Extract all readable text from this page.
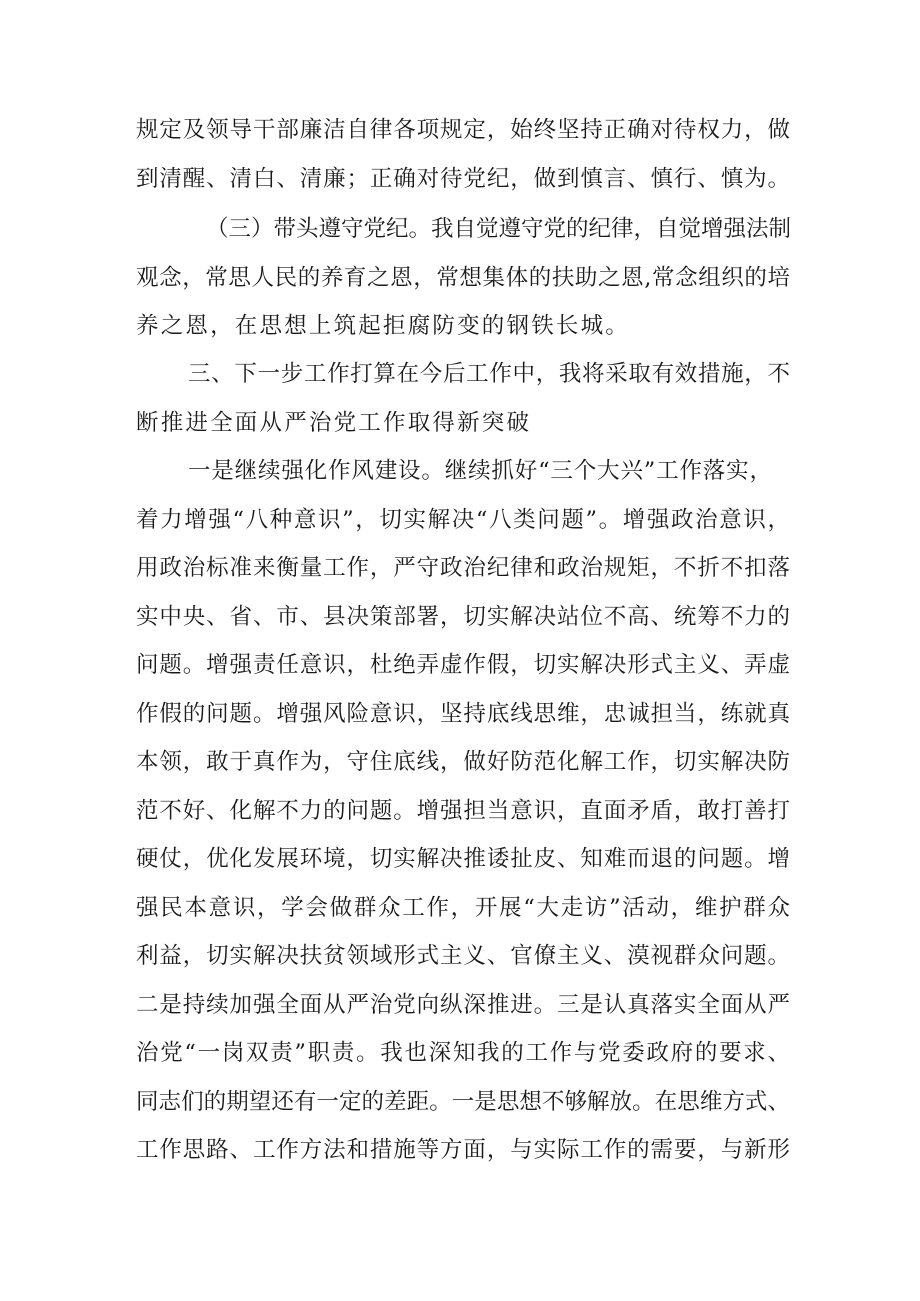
规定及领导干部廉洁自律各项规定，始终坚持正确对待权力，做
到清醒、清白、清廉；正确对待党纪，做到慎言、慎行、慎为。
（三）带头遵守党纪。我自觉遵守党的纪律，自觉增强法制
观念，常思人民的养育之恩，常想集体的扶助之恩,常念组织的培
养之恩，在思想上筑起拒腐防变的钢铁长城。
三、下一步工作打算在今后工作中，我将采取有效措施，不
断推进全面从严治党工作取得新突破
一是继续强化作风建设。继续抓好“三个大兴”工作落实，
着力增强“八种意识”，切实解决“八类问题”。增强政治意识，
用政治标准来衡量工作，严守政治纪律和政治规矩，不折不扣落
实中央、省、市、县决策部署，切实解决站位不高、统筹不力的
问题。增强责任意识，杜绝弄虚作假，切实解决形式主义、弄虚
作假的问题。增强风险意识，坚持底线思维，忠诚担当，练就真
本领，敢于真作为，守住底线，做好防范化解工作，切实解决防
范不好、化解不力的问题。增强担当意识，直面矛盾，敢打善打
硬仗，优化发展环境，切实解决推诿扯皮、知难而退的问题。增
强民本意识，学会做群众工作，开展“大走访”活动，维护群众
利益，切实解决扶贫领域形式主义、官僚主义、漠视群众问题。
二是持续加强全面从严治党向纵深推进。三是认真落实全面从严
治党“一岗双责”职责。我也深知我的工作与党委政府的要求、
同志们的期望还有一定的差距。一是思想不够解放。在思维方式、
工作思路、工作方法和措施等方面，与实际工作的需要，与新形
